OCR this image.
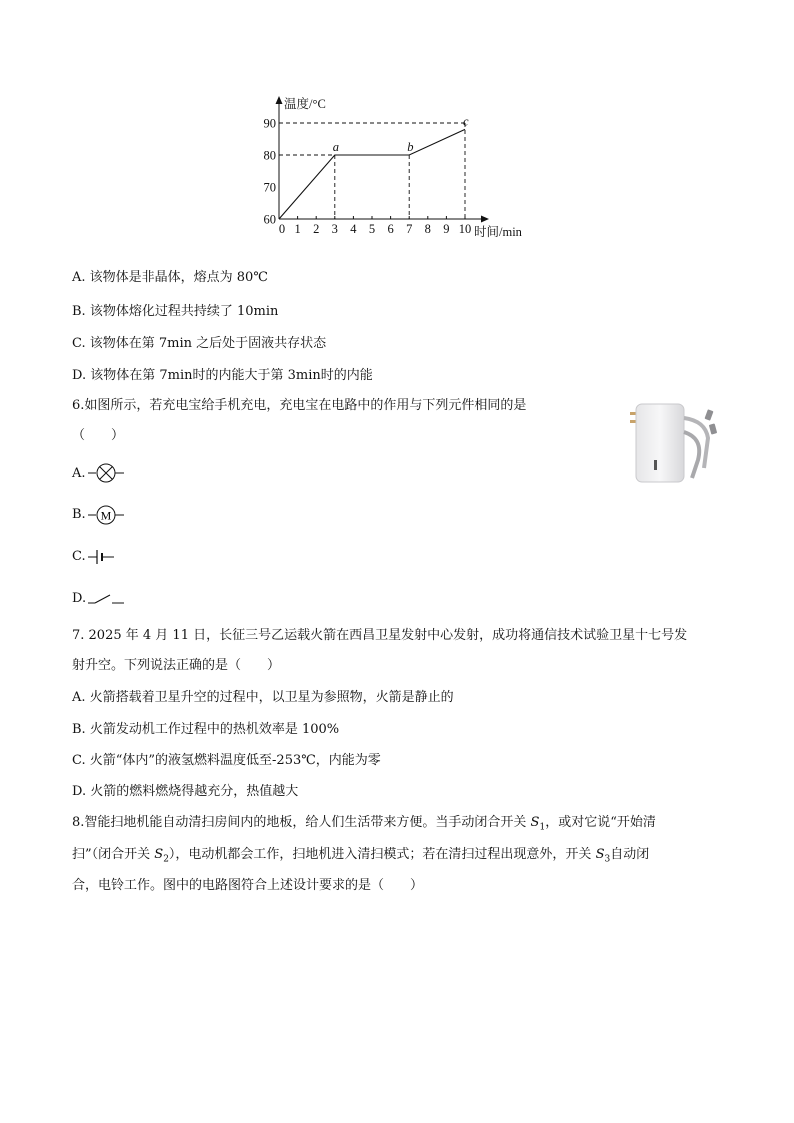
a	b
c
0 1 2 3 4 5 6 7 8 9 10
60
70
80
90
温度/°C
时间/min
A. 该物体是非晶体，熔点为 80℃
B. 该物体熔化过程共持续了 10min
C. 该物体在第 7min 之后处于固液共存状态
D. 该物体在第 7min时的内能大于第 3min时的内能
6.如图所示，若充电宝给手机充电，充电宝在电路中的作用与下列元件相同的是
（　　）
A.
B. M
C.
D.
7. 2025 年 4 月 11 日，长征三号乙运载火箭在西昌卫星发射中心发射，成功将通信技术试验卫星十七号发
射升空。下列说法正确的是（　　）
A. 火箭搭载着卫星升空的过程中，以卫星为参照物，火箭是静止的
B. 火箭发动机工作过程中的热机效率是 100%
C. 火箭“体内”的液氢燃料温度低至-253℃，内能为零
D. 火箭的燃料燃烧得越充分，热值越大
8.智能扫地机能自动清扫房间内的地板，给人们生活带来方便。当手动闭合开关 $S_1$，或对它说“开始清
扫”（闭合开关 $S_2$），电动机都会工作，扫地机进入清扫模式；若在清扫过程出现意外，开关 $S_3$自动闭
合，电铃工作。图中的电路图符合上述设计要求的是（　　）
